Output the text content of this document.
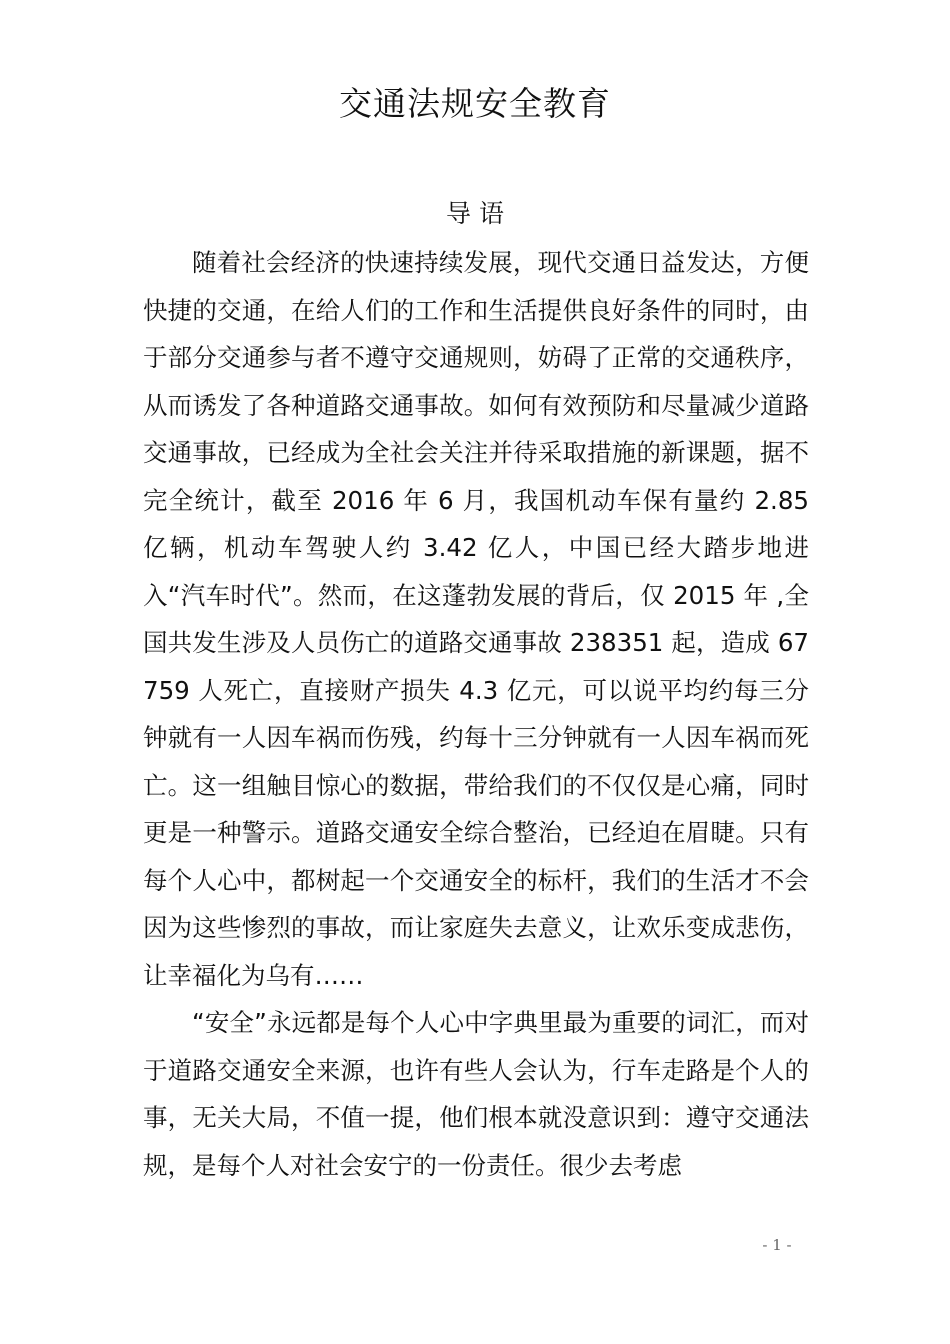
交通法规安全教育
导 语

随着社会经济的快速持续发展，现代交通日益发达，方便快捷的交通，在给人们的工作和生活提供良好条件的同时，由于部分交通参与者不遵守交通规则，妨碍了正常的交通秩序，从而诱发了各种道路交通事故。如何有效预防和尽量减少道路交通事故，已经成为全社会关注并待采取措施的新课题，据不完全统计，截至 2016 年 6 月，我国机动车保有量约 2.85 亿辆，机动车驾驶人约 3.42 亿人，中国已经大踏步地进入“汽车时代”。然而，在这蓬勃发展的背后，仅 2015 年 ,全国共发生涉及人员伤亡的道路交通事故 238351 起，造成 67759 人死亡，直接财产损失 4.3 亿元，可以说平均约每三分钟就有一人因车祸而伤残，约每十三分钟就有一人因车祸而死亡。这一组触目惊心的数据，带给我们的不仅仅是心痛，同时更是一种警示。道路交通安全综合整治，已经迫在眉睫。只有每个人心中，都树起一个交通安全的标杆，我们的生活才不会因为这些惨烈的事故，而让家庭失去意义，让欢乐变成悲伤，让幸福化为乌有……

“安全”永远都是每个人心中字典里最为重要的词汇，而对于道路交通安全来源，也许有些人会认为，行车走路是个人的事，无关大局，不值一提，他们根本就没意识到：遵守交通法规，是每个人对社会安宁的一份责任。很少去考虑

- 1 -
